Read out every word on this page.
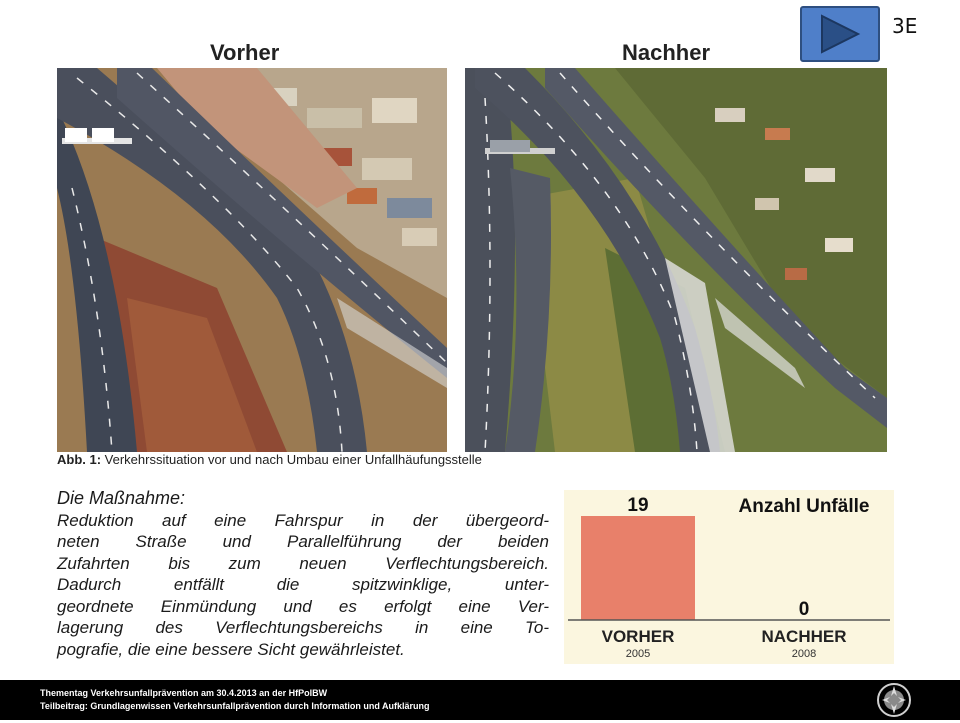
3E
Vorher	Nachher
Abb. 1: Verkehrssituation vor und nach Umbau einer Unfallhäufungsstelle
Die Maßnahme:
Reduktion auf eine Fahrspur in der übergeord-
neten Straße und Parallelführung der beiden
Zufahrten bis zum neuen Verflechtungsbereich.
Dadurch entfällt die spitzwinklige, unter-
geordnete Einmündung und es erfolgt eine Ver-
lagerung des Verflechtungsbereichs in eine To-
pografie, die eine bessere Sicht gewährleistet.
Anzahl Unfälle
19
VORHER
2005
0
NACHHER
2008
Thementag Verkehrsunfallprävention am 30.4.2013 an der HfPolBW
Teilbeitrag: Grundlagenwissen Verkehrsunfallprävention durch Information und Aufklärung
